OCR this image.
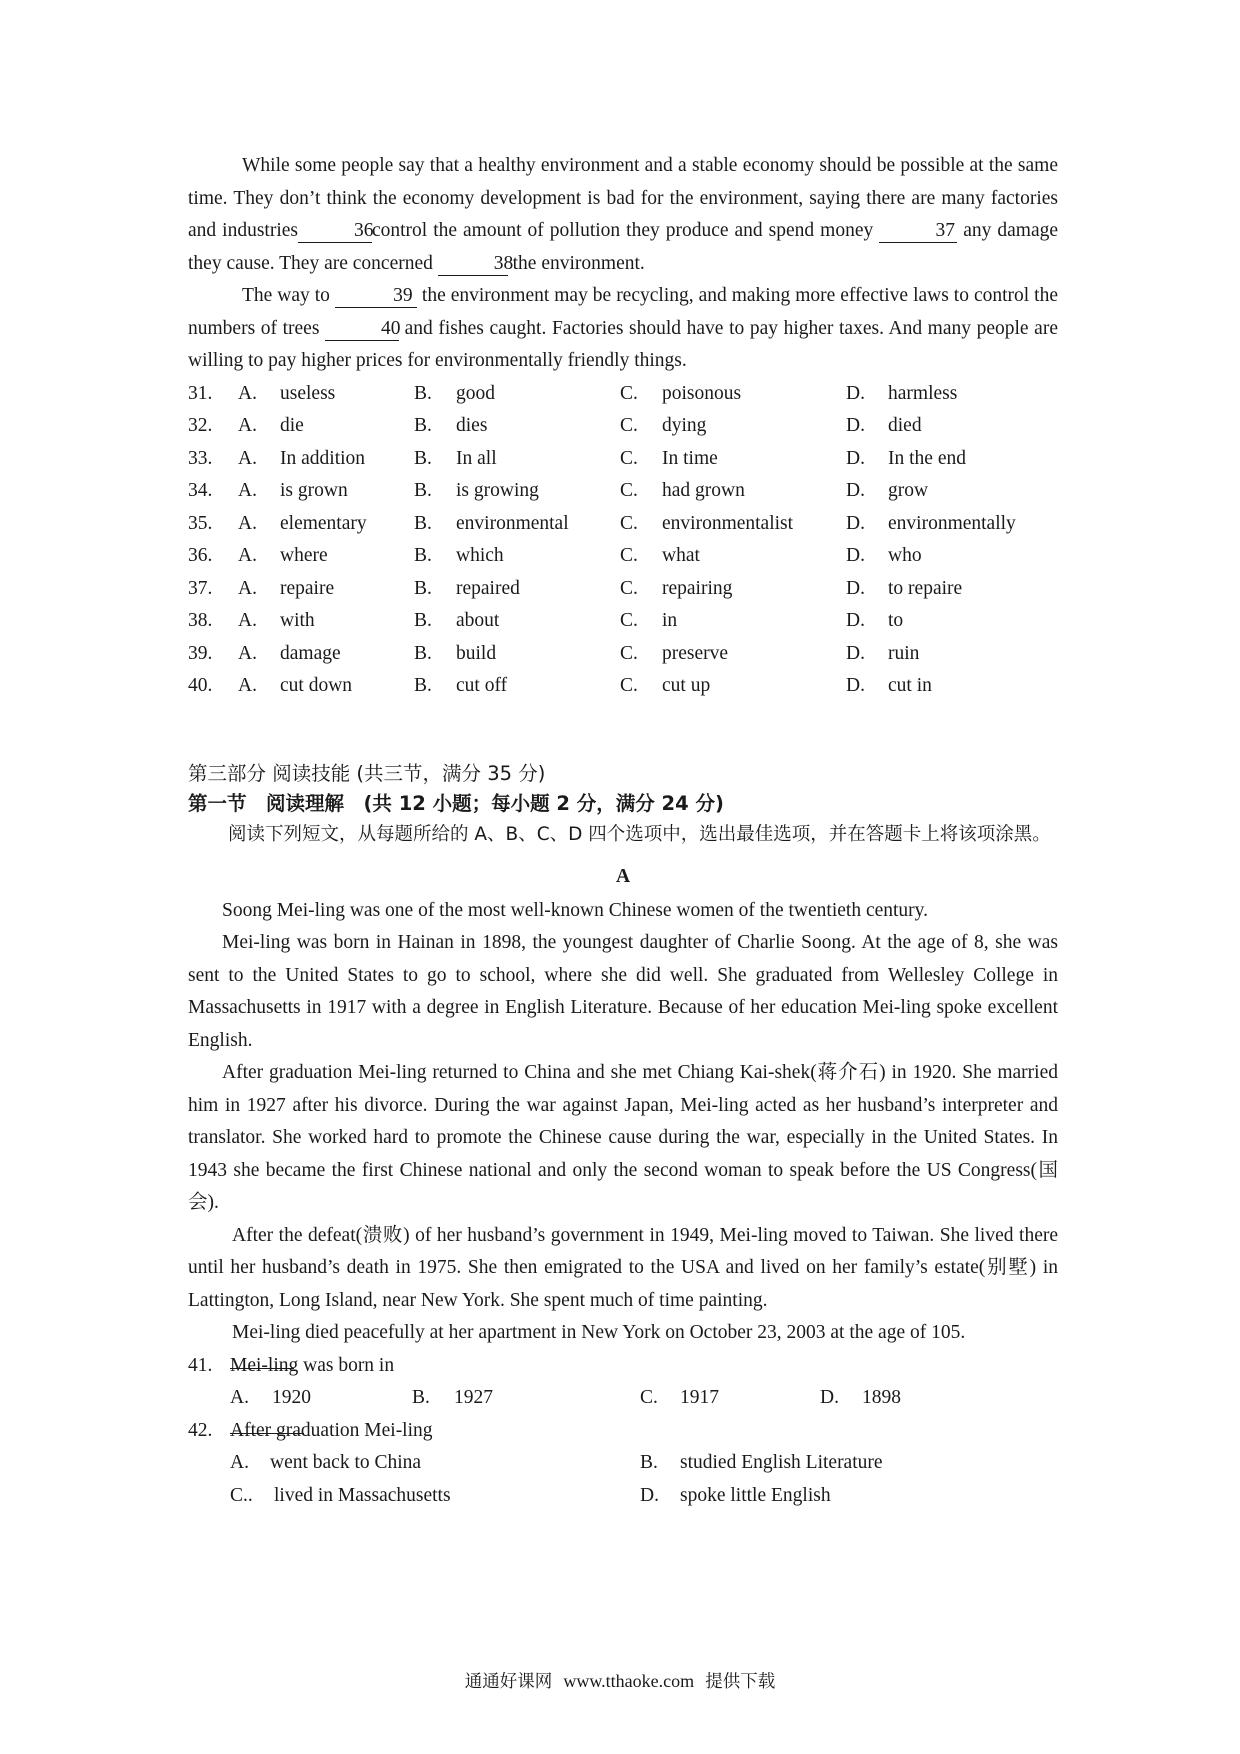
While some people say that a healthy environment and a stable economy should be possible at the same time. They don’t think the economy development is bad for the environment, saying there are many factories and industries	36control the amount of pollution they produce and spend money	37 any damage they cause. They are concerned	38 the environment.

The way to	39 the environment may be recycling, and making more effective laws to control the numbers of trees	40 and fishes caught. Factories should have to pay higher taxes. And many people are willing to pay higher prices for environmentally friendly things.

31. A. useless	B. good	C. poisonous	D. harmless
32. A. die	B. dies	C. dying	D. died
33. A. In addition	B. In all	C. In time	D. In the end
34. A. is grown	B. is growing	C. had grown	D. grow
35. A. elementary B. environmental	C. environmentalist	D. environmentally
36. A. where	B. which	C. what	D. who
37. A. repaire	B. repaired	C. repairing	D. to repaire
38. A. with	B. about	C. in	D. to
39. A. damage	B. build	C. preserve	D. ruin
40. A. cut down	B. cut off	C. cut up	D. cut in

第三部分 阅读技能 (共三节，满分 35 分)

第一节　阅读理解　(共 12 小题；每小题 2 分，满分 24 分)

阅读下列短文，从每题所给的 A、B、C、D 四个选项中，选出最佳选项，并在答题卡上将该项涂黑。

A

Soong Mei-ling was one of the most well-known Chinese women of the twentieth century.

Mei-ling was born in Hainan in 1898, the youngest daughter of Charlie Soong. At the age of 8, she was sent to the United States to go to school, where she did well. She graduated from Wellesley College in Massachusetts in 1917 with a degree in English Literature. Because of her education Mei-ling spoke excellent English.

After graduation Mei-ling returned to China and she met Chiang Kai-shek(蒋介石) in 1920. She married him in 1927 after his divorce. During the war against Japan, Mei-ling acted as her husband’s interpreter and translator. She worked hard to promote the Chinese cause during the war, especially in the United States. In 1943 she became the first Chinese national and only the second woman to speak before the US Congress(国会).

After the defeat(溃败) of her husband’s government in 1949, Mei-ling moved to Taiwan. She lived there until her husband’s death in 1975. She then emigrated to the USA and lived on her family’s estate(别墅) in Lattington, Long Island, near New York. She spent much of time painting.

Mei-ling died peacefully at her apartment in New York on October 23, 2003 at the age of 105.

41. Mei-ling was born in
A. 1920	B. 1927	C. 1917	D. 1898
42. After graduation Mei-ling
A. went back to China	B. studied English Literature
C.. lived in Massachusetts	D. spoke little English
通通好课网 www.tthaoke.com 提供下载
